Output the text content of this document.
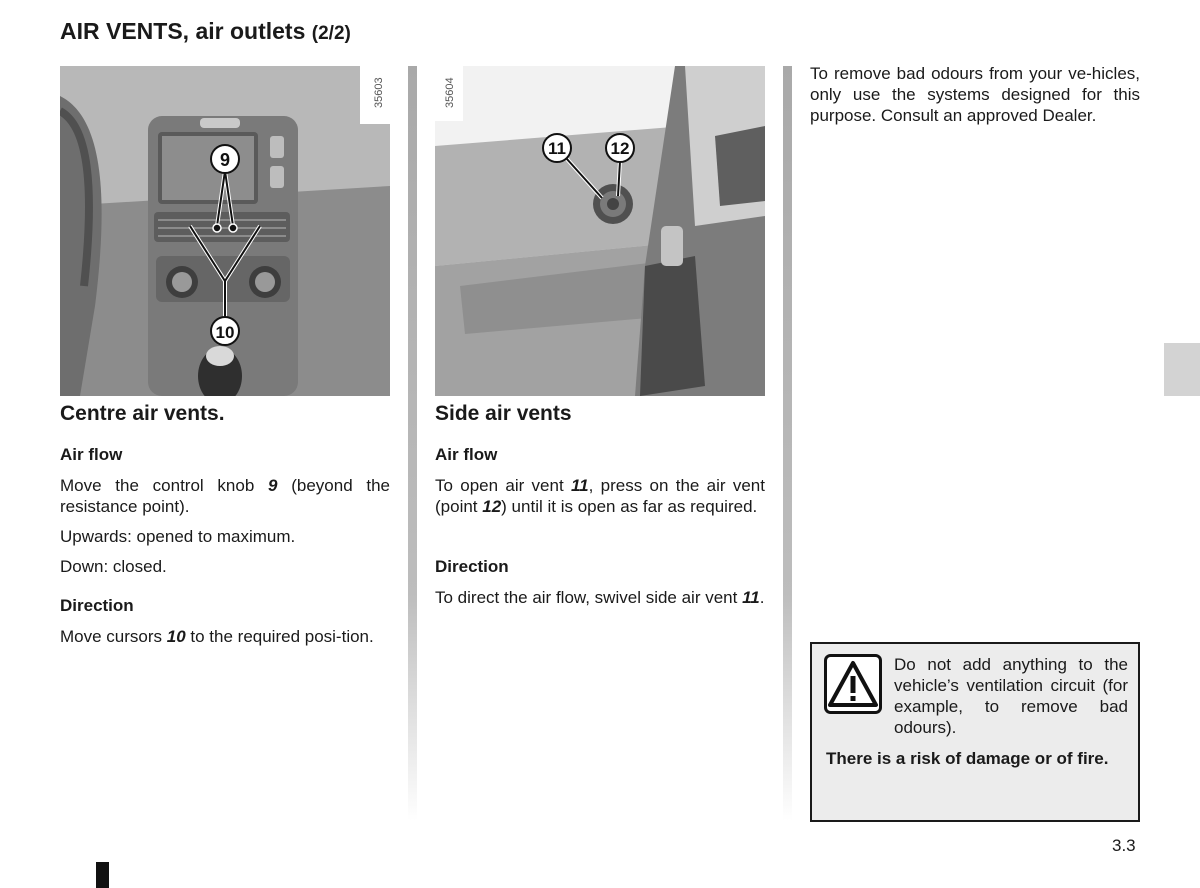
AIR VENTS, air outlets (2/2)
9
10
35603
11	12
35604
Centre air vents.
Air flow
Move the control knob 9 (beyond the resistance point).
Upwards: opened to maximum.
Down: closed.
Direction
Move cursors 10 to the required posi-tion.
Side air vents
Air flow
To open air vent 11, press on the air vent (point 12) until it is open as far as required.
Direction
To direct the air flow, swivel side air vent 11.
To remove bad odours from your ve-hicles, only use the systems designed for this purpose. Consult an approved Dealer.
Do not add anything to the vehicle’s ventilation circuit (for example, to remove bad odours).
There is a risk of damage or of fire.
3.3
